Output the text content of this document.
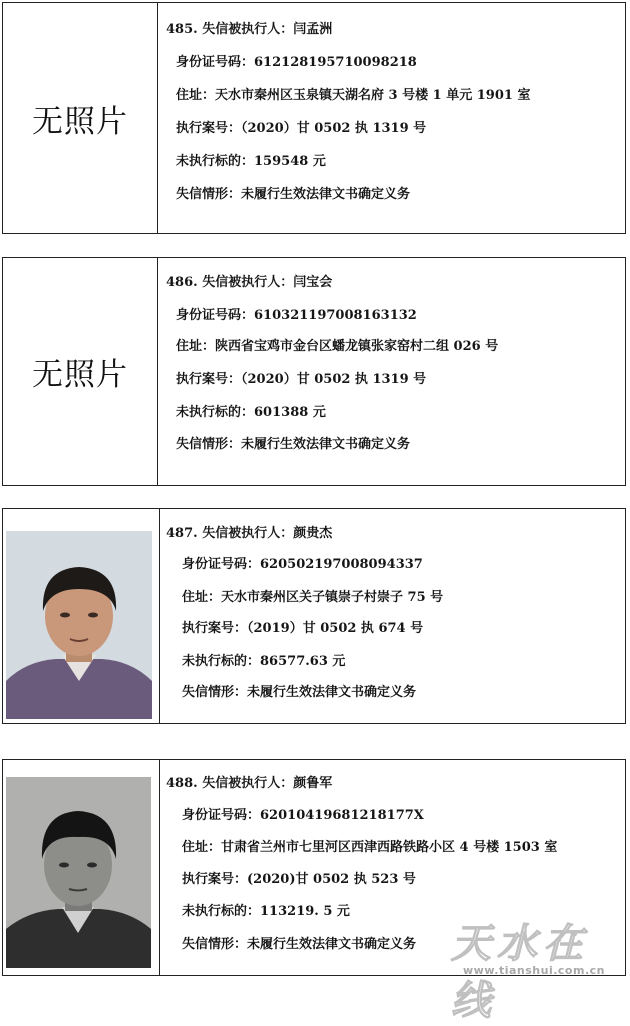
无照片
485. 失信被执行人：闫孟洲
身份证号码：612128195710098218
住址：天水市秦州区玉泉镇天湖名府 3 号楼 1 单元 1901 室
执行案号：（2020）甘 0502 执 1319 号
未执行标的：159548 元
失信情形：未履行生效法律文书确定义务
无照片
486. 失信被执行人：闫宝会
身份证号码：610321197008163132
住址：陕西省宝鸡市金台区蟠龙镇张家窑村二组 026 号
执行案号：（2020）甘 0502 执 1319 号
未执行标的：601388 元
失信情形：未履行生效法律文书确定义务
487. 失信被执行人：颜贵杰
身份证号码：620502197008094337
住址：天水市秦州区关子镇崇子村崇子 75 号
执行案号：（2019）甘 0502 执 674 号
未执行标的：86577.63 元
失信情形：未履行生效法律文书确定义务
488. 失信被执行人：颜鲁军
身份证号码：62010419681218177X
住址：甘肃省兰州市七里河区西津西路铁路小区 4 号楼 1503 室
执行案号：(2020)甘 0502 执 523 号
未执行标的：113219. 5 元
失信情形：未履行生效法律文书确定义务 天水在线
www.tianshui.com.cn
